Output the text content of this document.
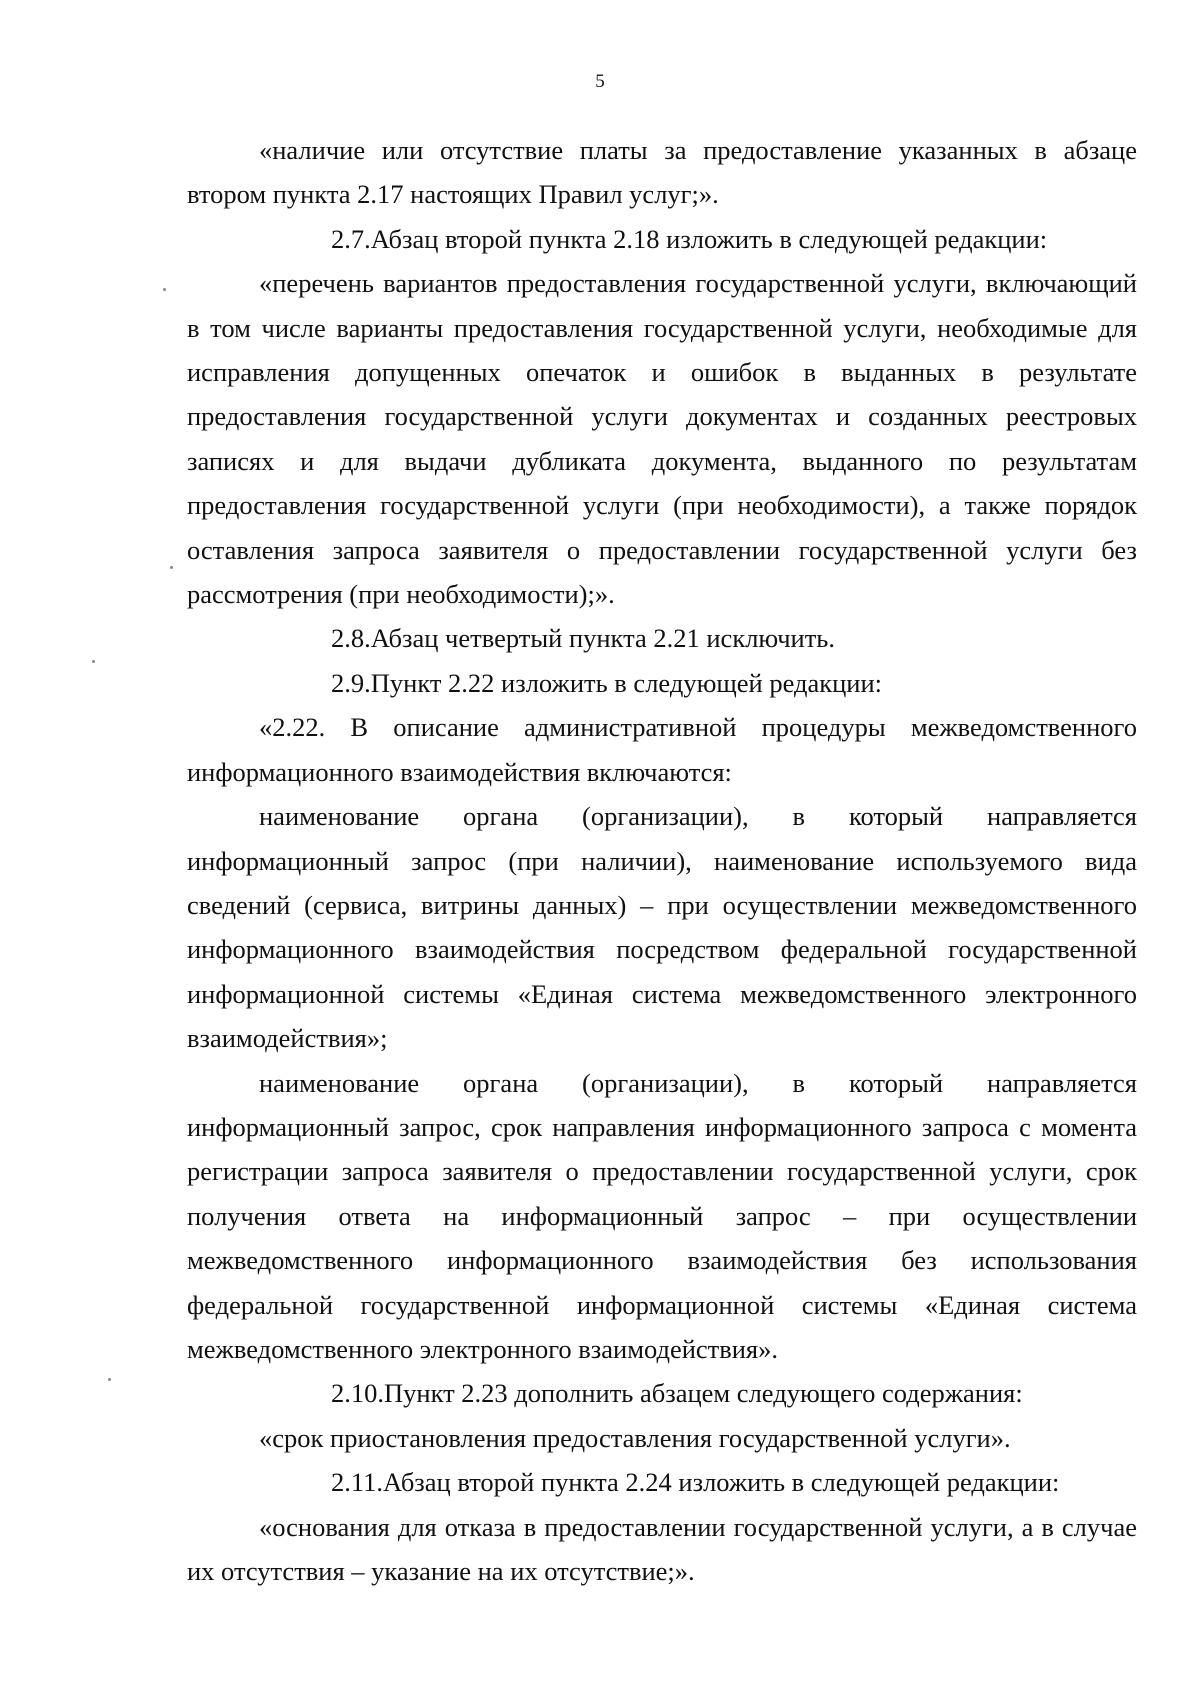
5

«наличие или отсутствие платы за предоставление указанных в абзаце втором пункта 2.17 настоящих Правил услуг;».

2.7.Абзац второй пункта 2.18 изложить в следующей редакции:

«перечень вариантов предоставления государственной услуги, включающий в том числе варианты предоставления государственной услуги, необходимые для исправления допущенных опечаток и ошибок в выданных в результате предоставления государственной услуги документах и созданных реестровых записях и для выдачи дубликата документа, выданного по результатам предоставления государственной услуги (при необходимости), а также порядок оставления запроса заявителя о предоставлении государственной услуги без рассмотрения (при необходимости);».

2.8.Абзац четвертый пункта 2.21 исключить.

2.9.Пункт 2.22 изложить в следующей редакции:

«2.22. В описание административной процедуры межведомственного информационного взаимодействия включаются:

наименование органа (организации), в который направляется информационный запрос (при наличии), наименование используемого вида сведений (сервиса, витрины данных) – при осуществлении межведомственного информационного взаимодействия посредством федеральной государственной информационной системы «Единая система межведомственного электронного взаимодействия»;

наименование органа (организации), в который направляется информационный запрос, срок направления информационного запроса с момента регистрации запроса заявителя о предоставлении государственной услуги, срок получения ответа на информационный запрос – при осуществлении межведомственного информационного взаимодействия без использования федеральной государственной информационной системы «Единая система межведомственного электронного взаимодействия».

2.10.Пункт 2.23 дополнить абзацем следующего содержания:

«срок приостановления предоставления государственной услуги».

2.11.Абзац второй пункта 2.24 изложить в следующей редакции:

«основания для отказа в предоставлении государственной услуги, а в случае их отсутствия – указание на их отсутствие;».
